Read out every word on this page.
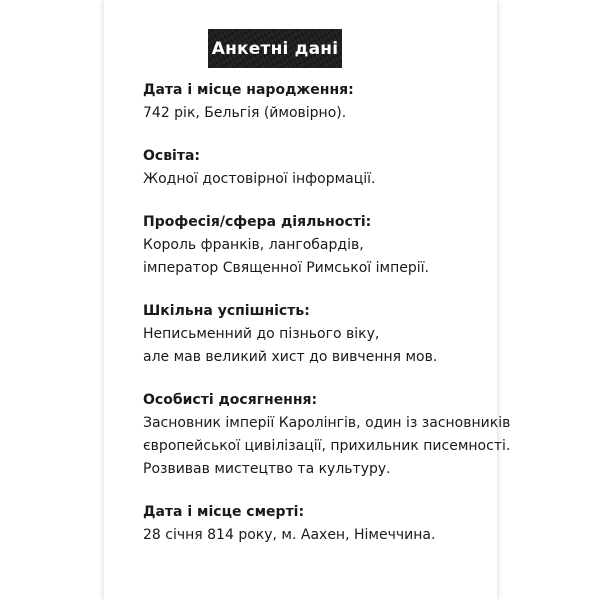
Анкетні дані
Дата і місце народження:
742 рік, Бельгія (ймовірно).
Освіта:
Жодної достовірної інформації.
Професія/сфера діяльності:
Король франків, лангобардів,
імператор Священної Римської імперії.
Шкільна успішність:
Неписьменний до пізнього віку,
але мав великий хист до вивчення мов.
Особисті досягнення:
Засновник імперії Каролінгів, один із засновників
європейської цивілізації, прихильник писемності.
Розвивав мистецтво та культуру.
Дата і місце смерті:
28 січня 814 року, м. Аахен, Німеччина.
